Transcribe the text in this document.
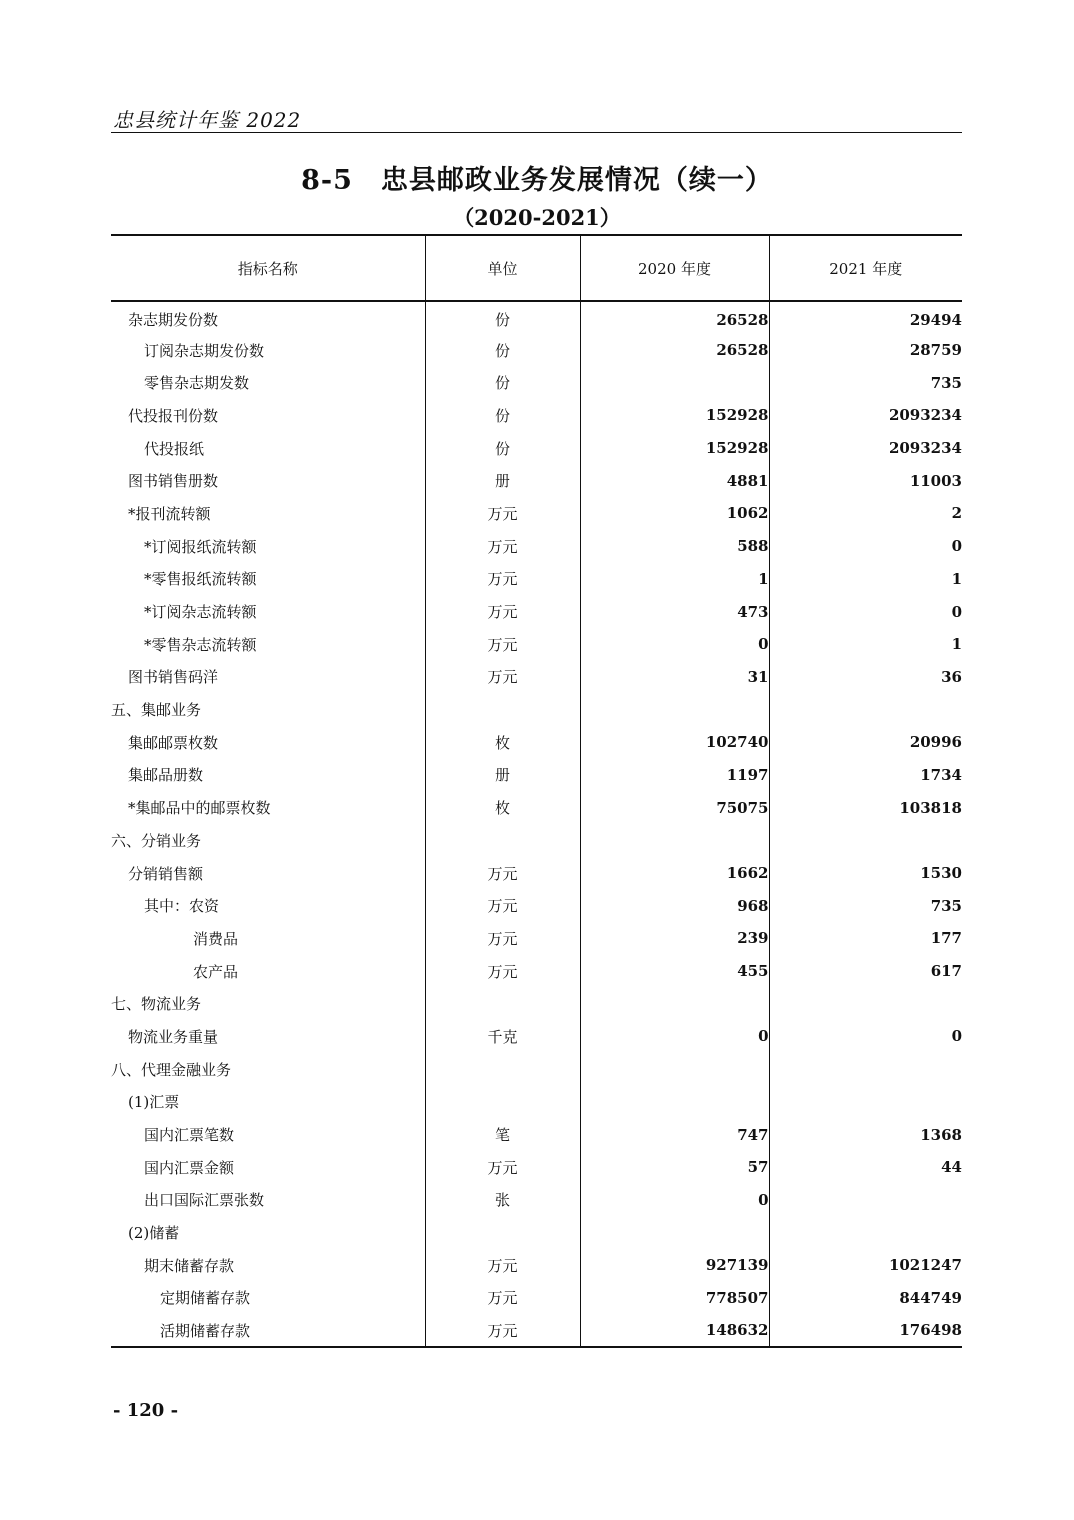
忠县统计年鉴 2022
8-5 忠县邮政业务发展情况（续一）
（2020-2021）
指标名称	单位	2020 年度	2021 年度
杂志期发份数	份	26528	29494
订阅杂志期发份数	份	26528	28759
零售杂志期发数	份		735
代投报刊份数	份	152928	2093234
代投报纸	份	152928	2093234
图书销售册数	册	4881	11003
*报刊流转额	万元	1062	2
*订阅报纸流转额	万元	588	0
*零售报纸流转额	万元	1	1
*订阅杂志流转额	万元	473	0
*零售杂志流转额	万元	0	1
图书销售码洋	万元	31	36
五、集邮业务			
集邮邮票枚数	枚	102740	20996
集邮品册数	册	1197	1734
*集邮品中的邮票枚数	枚	75075	103818
六、分销业务			
分销销售额	万元	1662	1530
其中：农资	万元	968	735
消费品	万元	239	177
农产品	万元	455	617
七、物流业务			
物流业务重量	千克	0	0
八、代理金融业务			
(1)汇票			
国内汇票笔数	笔	747	1368
国内汇票金额	万元	57	44
出口国际汇票张数	张	0	
(2)储蓄			
期末储蓄存款	万元	927139	1021247
定期储蓄存款	万元	778507	844749
活期储蓄存款	万元	148632	176498
- 120 -
